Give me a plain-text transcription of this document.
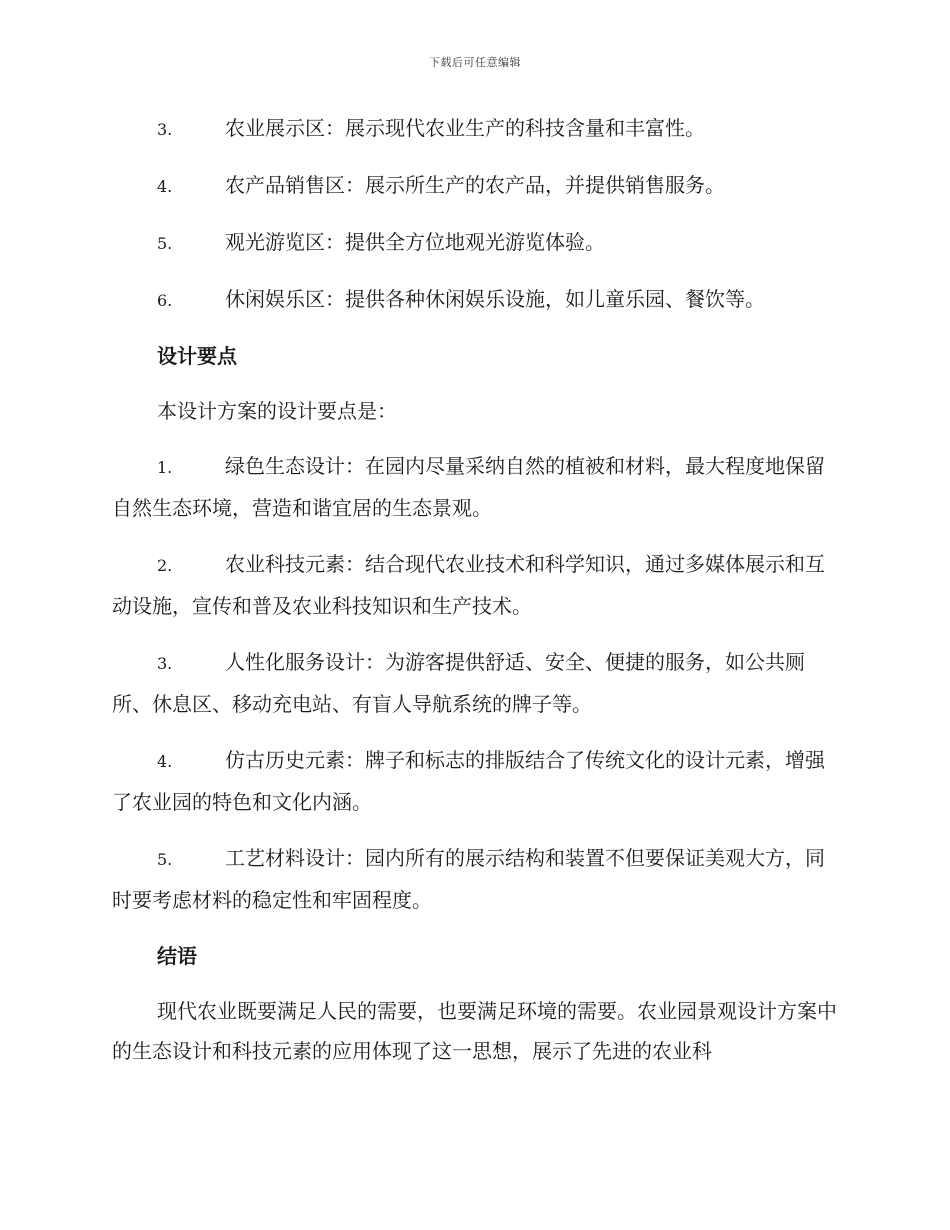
下载后可任意编辑
3.	农业展示区：展示现代农业生产的科技含量和丰富性。
4.	农产品销售区：展示所生产的农产品，并提供销售服务。
5.	观光游览区：提供全方位地观光游览体验。
6.	休闲娱乐区：提供各种休闲娱乐设施，如儿童乐园、餐饮等。
设计要点
本设计方案的设计要点是：
1.	绿色生态设计：在园内尽量采纳自然的植被和材料，最大程度地保留自然生态环境，营造和谐宜居的生态景观。
2.	农业科技元素：结合现代农业技术和科学知识，通过多媒体展示和互动设施，宣传和普及农业科技知识和生产技术。
3.	人性化服务设计：为游客提供舒适、安全、便捷的服务，如公共厕所、休息区、移动充电站、有盲人导航系统的牌子等。
4.	仿古历史元素：牌子和标志的排版结合了传统文化的设计元素，增强了农业园的特色和文化内涵。
5.	工艺材料设计：园内所有的展示结构和装置不但要保证美观大方，同时要考虑材料的稳定性和牢固程度。
结语
现代农业既要满足人民的需要，也要满足环境的需要。农业园景观设计方案中的生态设计和科技元素的应用体现了这一思想，展示了先进的农业科
